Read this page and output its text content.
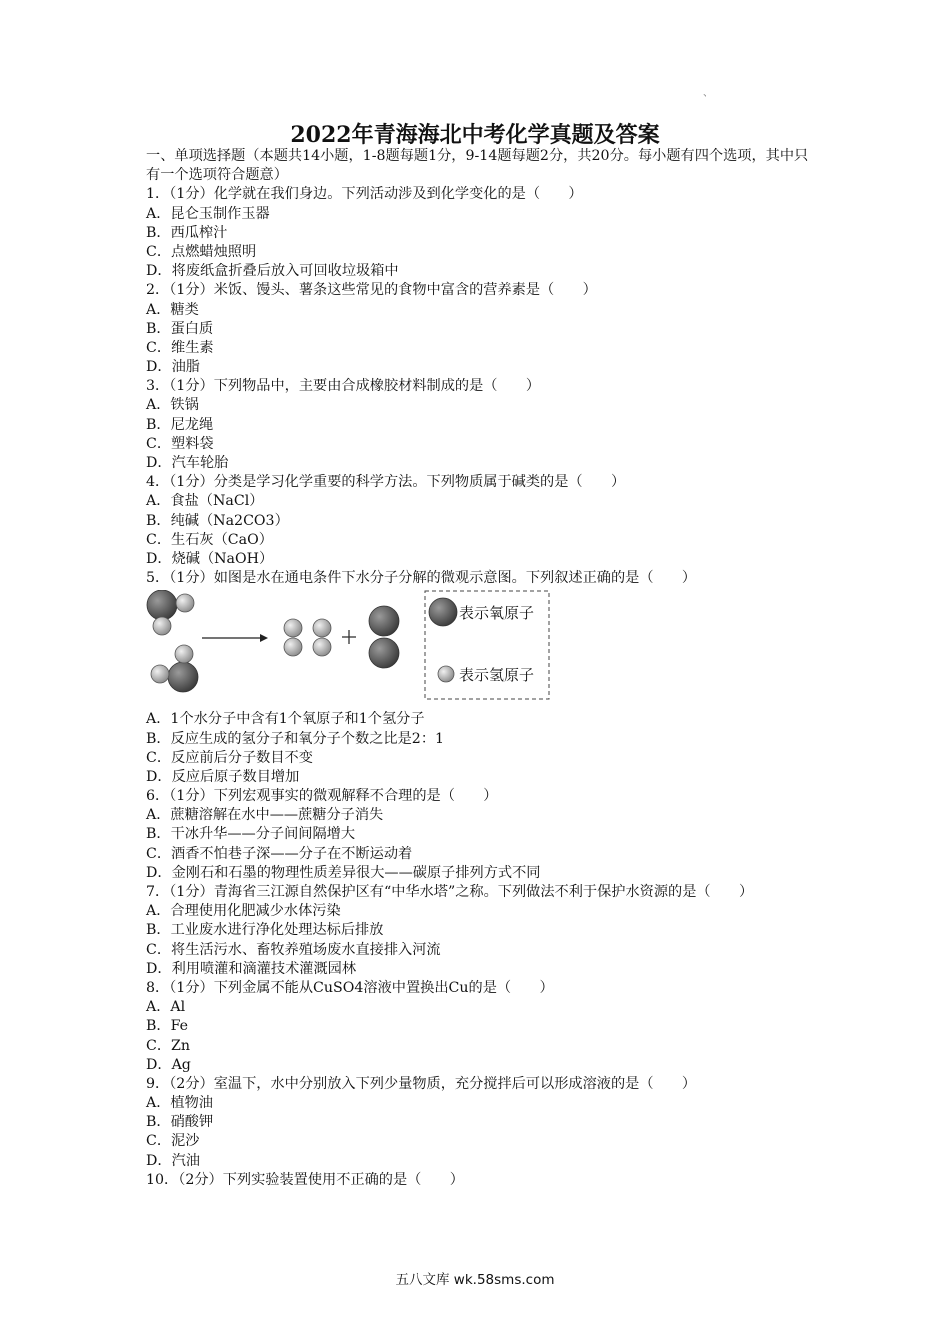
、
2022年青海海北中考化学真题及答案
一、单项选择题（本题共14小题，1-8题每题1分，9-14题每题2分，共20分。每小题有四个选项，其中只有一个选项符合题意）
1．（1分）化学就在我们身边。下列活动涉及到化学变化的是（　　）
A．昆仑玉制作玉器
B．西瓜榨汁
C．点燃蜡烛照明
D．将废纸盒折叠后放入可回收垃圾箱中
2．（1分）米饭、馒头、薯条这些常见的食物中富含的营养素是（　　）
A．糖类
B．蛋白质
C．维生素
D．油脂
3．（1分）下列物品中，主要由合成橡胶材料制成的是（　　）
A．铁锅
B．尼龙绳
C．塑料袋
D．汽车轮胎
4．（1分）分类是学习化学重要的科学方法。下列物质属于碱类的是（　　）
A．食盐（NaCl）
B．纯碱（Na2CO3）
C．生石灰（CaO）
D．烧碱（NaOH）
5．（1分）如图是水在通电条件下水分子分解的微观示意图。下列叙述正确的是（　　）
表示氧原子
表示氢原子
A．1个水分子中含有1个氧原子和1个氢分子
B．反应生成的氢分子和氧分子个数之比是2：1
C．反应前后分子数目不变
D．反应后原子数目增加
6．（1分）下列宏观事实的微观解释不合理的是（　　）
A．蔗糖溶解在水中——蔗糖分子消失
B．干冰升华——分子间间隔增大
C．酒香不怕巷子深——分子在不断运动着
D．金刚石和石墨的物理性质差异很大——碳原子排列方式不同
7．（1分）青海省三江源自然保护区有“中华水塔”之称。下列做法不利于保护水资源的是（　　）
A．合理使用化肥减少水体污染
B．工业废水进行净化处理达标后排放
C．将生活污水、畜牧养殖场废水直接排入河流
D．利用喷灌和滴灌技术灌溉园林
8．（1分）下列金属不能从CuSO4溶液中置换出Cu的是（　　）
A．Al
B．Fe
C．Zn
D．Ag
9．（2分）室温下，水中分别放入下列少量物质，充分搅拌后可以形成溶液的是（　　）
A．植物油
B．硝酸钾
C．泥沙
D．汽油
10．（2分）下列实验装置使用不正确的是（　　）
五八文库 wk.58sms.com
